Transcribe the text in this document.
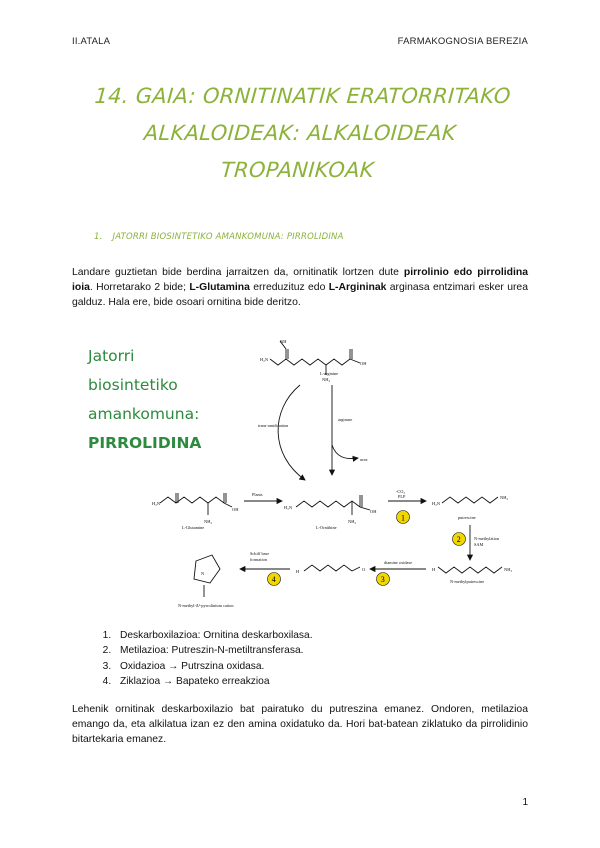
II.ATALA	FARMAKOGNOSIA BEREZIA
14. GAIA: ORNITINATIK ERATORRITAKO
ALKALOIDEAK: ALKALOIDEAK
TROPANIKOAK
1. JATORRI BIOSINTETIKO AMANKOMUNA: PIRROLIDINA
Landare guztietan bide berdina jarraitzen da, ornitinatik lortzen dute pirrolinio edo pirrolidina ioia. Horretarako 2 bide; L-Glutamina erreduzituz edo L-Argininak arginasa entzimari esker urea galduz. Hala ere, bide osoari ornitina bide deritzo.
Jatorri
biosintetiko
amankomuna:
PIRROLIDINA
NH
H₂N
OH
NH₂
H₂N
OH
NH₂
H₂N
OH
NH₂
H₂N
NH₂
H	NH₂
H	O
N
L-arginine
trans-amidination
arginase
urea
Plants
-CO₂
PLP
L-Glutamine	L-Ornithine
putrescine
N-methylation
SAM
N-methylputrescine
diamine oxidase
Schiff base
formation
N-methyl-Δ¹-pyrrolinium cation
1
2
3
4
1. Deskarboxilazioa: Ornitina deskarboxilasa.
2. Metilazioa: Putreszin-N-metiltransferasa.
3. Oxidazioa → Putrszina oxidasa.
4. Ziklazioa → Bapateko erreakzioa
Lehenik ornitinak deskarboxilazio bat pairatuko du putreszina emanez. Ondoren, metilazioa emango da, eta alkilatua izan ez den amina oxidatuko da. Hori bat-batean ziklatuko da pirrolidinio bitartekaria emanez.
1
